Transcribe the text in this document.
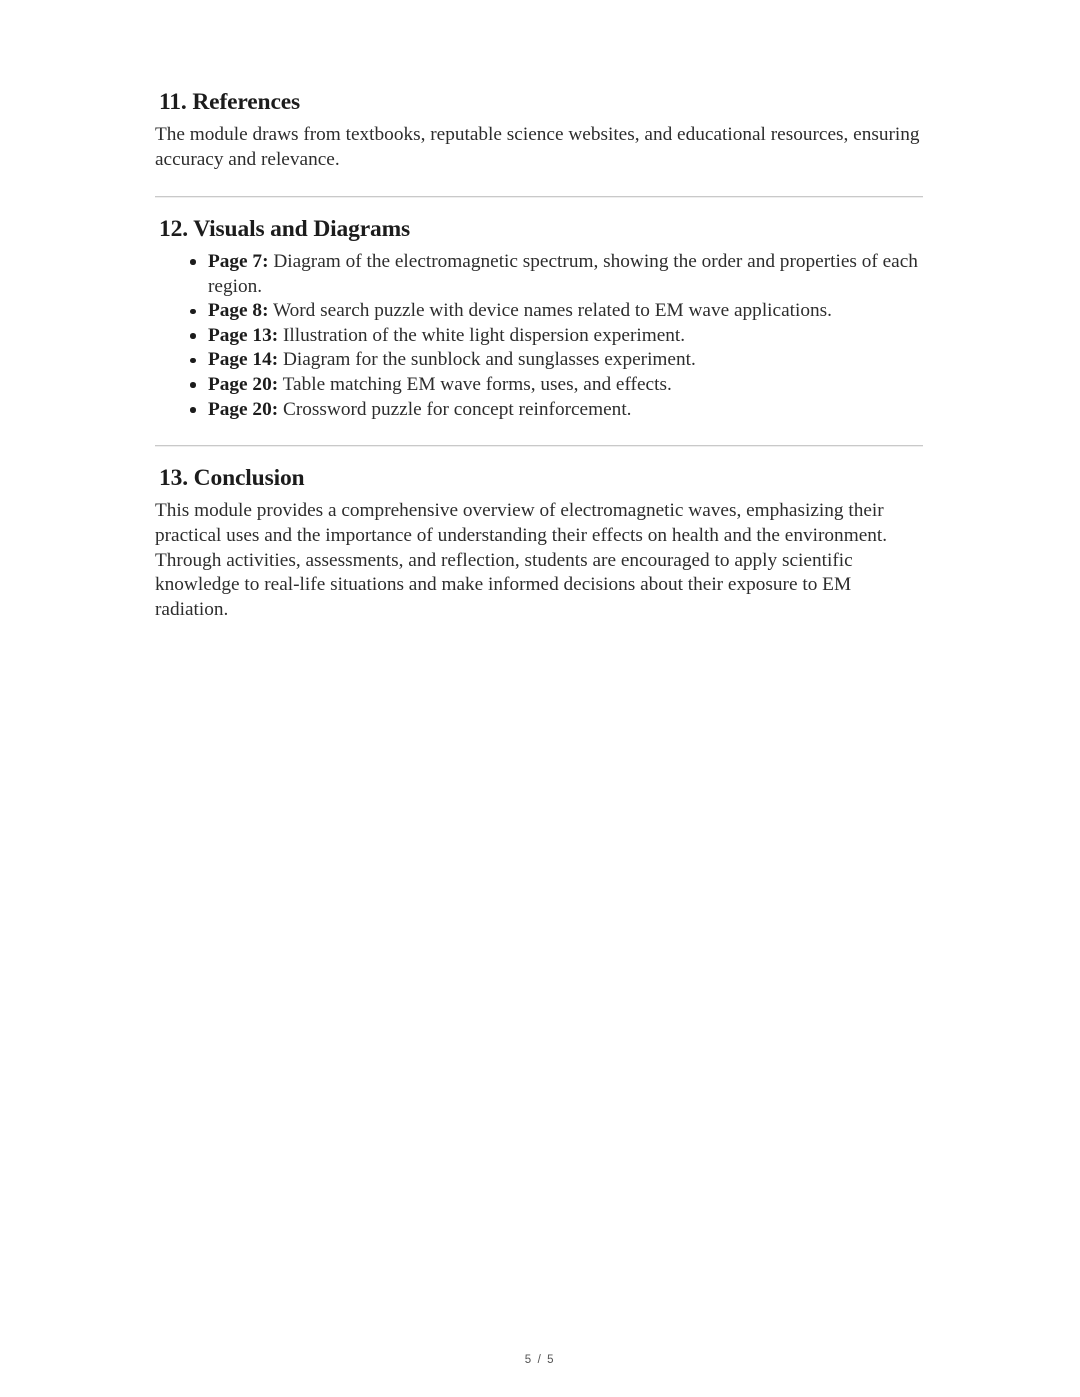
11. References

The module draws from textbooks, reputable science websites, and educational resources, ensuring accuracy and relevance.

12. Visuals and Diagrams
Page 7: Diagram of the electromagnetic spectrum, showing the order and properties of each region.
Page 8: Word search puzzle with device names related to EM wave applications.
Page 13: Illustration of the white light dispersion experiment.
Page 14: Diagram for the sunblock and sunglasses experiment.
Page 20: Table matching EM wave forms, uses, and effects.
Page 20: Crossword puzzle for concept reinforcement.
13. Conclusion

This module provides a comprehensive overview of electromagnetic waves, emphasizing their practical uses and the importance of understanding their effects on health and the environment. Through activities, assessments, and reflection, students are encouraged to apply scientific knowledge to real-life situations and make informed decisions about their exposure to EM radiation.

5 / 5
